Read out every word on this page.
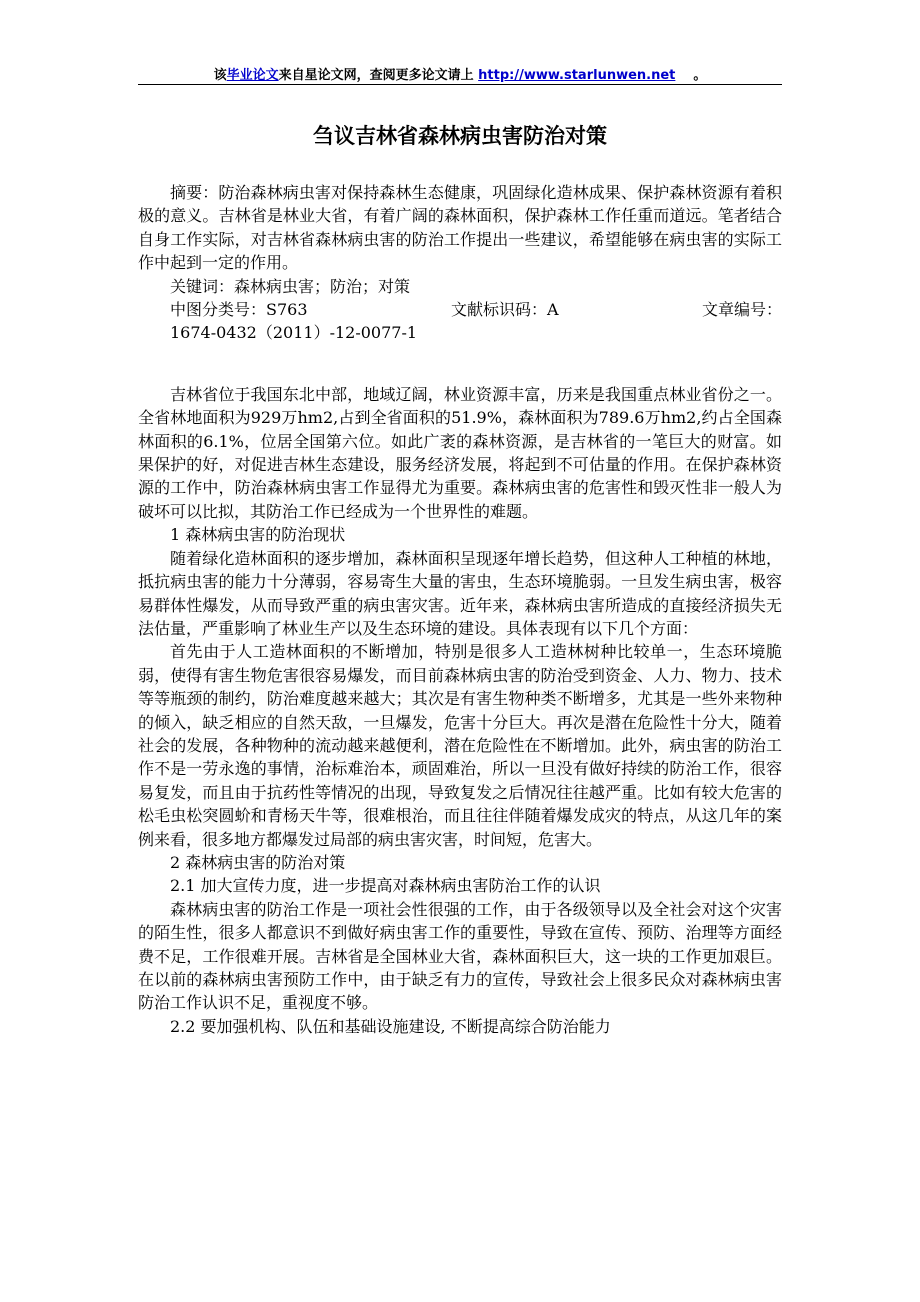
该毕业论文来自星论文网，查阅更多论文请上 http://www.starlunwen.net 。
刍议吉林省森林病虫害防治对策

摘要：防治森林病虫害对保持森林生态健康，巩固绿化造林成果、保护森林资源有着积极的意义。吉林省是林业大省，有着广阔的森林面积，保护森林工作任重而道远。笔者结合自身工作实际，对吉林省森林病虫害的防治工作提出一些建议，希望能够在病虫害的实际工作中起到一定的作用。

关键词：森林病虫害；防治；对策

中图分类号：S763	文献标识码：A	文章编号：

1674-0432（2011）-12-0077-1

吉林省位于我国东北中部，地域辽阔，林业资源丰富，历来是我国重点林业省份之一。全省林地面积为929万hm2,占到全省面积的51.9%，森林面积为789.6万hm2,约占全国森林面积的6.1%，位居全国第六位。如此广袤的森林资源，是吉林省的一笔巨大的财富。如果保护的好，对促进吉林生态建设，服务经济发展，将起到不可估量的作用。在保护森林资源的工作中，防治森林病虫害工作显得尤为重要。森林病虫害的危害性和毁灭性非一般人为破坏可以比拟，其防治工作已经成为一个世界性的难题。

1 森林病虫害的防治现状

随着绿化造林面积的逐步增加，森林面积呈现逐年增长趋势，但这种人工种植的林地，抵抗病虫害的能力十分薄弱，容易寄生大量的害虫，生态环境脆弱。一旦发生病虫害，极容易群体性爆发，从而导致严重的病虫害灾害。近年来，森林病虫害所造成的直接经济损失无法估量，严重影响了林业生产以及生态环境的建设。具体表现有以下几个方面：

首先由于人工造林面积的不断增加，特别是很多人工造林树种比较单一，生态环境脆弱，使得有害生物危害很容易爆发，而目前森林病虫害的防治受到资金、人力、物力、技术等等瓶颈的制约，防治难度越来越大；其次是有害生物种类不断增多，尤其是一些外来物种的倾入，缺乏相应的自然天敌，一旦爆发，危害十分巨大。再次是潜在危险性十分大，随着社会的发展，各种物种的流动越来越便利，潜在危险性在不断增加。此外，病虫害的防治工作不是一劳永逸的事情，治标难治本，顽固难治，所以一旦没有做好持续的防治工作，很容易复发，而且由于抗药性等情况的出现，导致复发之后情况往往越严重。比如有较大危害的松毛虫松突圆蚧和青杨天牛等，很难根治，而且往往伴随着爆发成灾的特点，从这几年的案例来看，很多地方都爆发过局部的病虫害灾害，时间短，危害大。

2 森林病虫害的防治对策

2.1 加大宣传力度，进一步提高对森林病虫害防治工作的认识

森林病虫害的防治工作是一项社会性很强的工作，由于各级领导以及全社会对这个灾害的陌生性，很多人都意识不到做好病虫害工作的重要性，导致在宣传、预防、治理等方面经费不足，工作很难开展。吉林省是全国林业大省，森林面积巨大，这一块的工作更加艰巨。在以前的森林病虫害预防工作中，由于缺乏有力的宣传，导致社会上很多民众对森林病虫害防治工作认识不足，重视度不够。

2.2 要加强机构、队伍和基础设施建设, 不断提高综合防治能力
